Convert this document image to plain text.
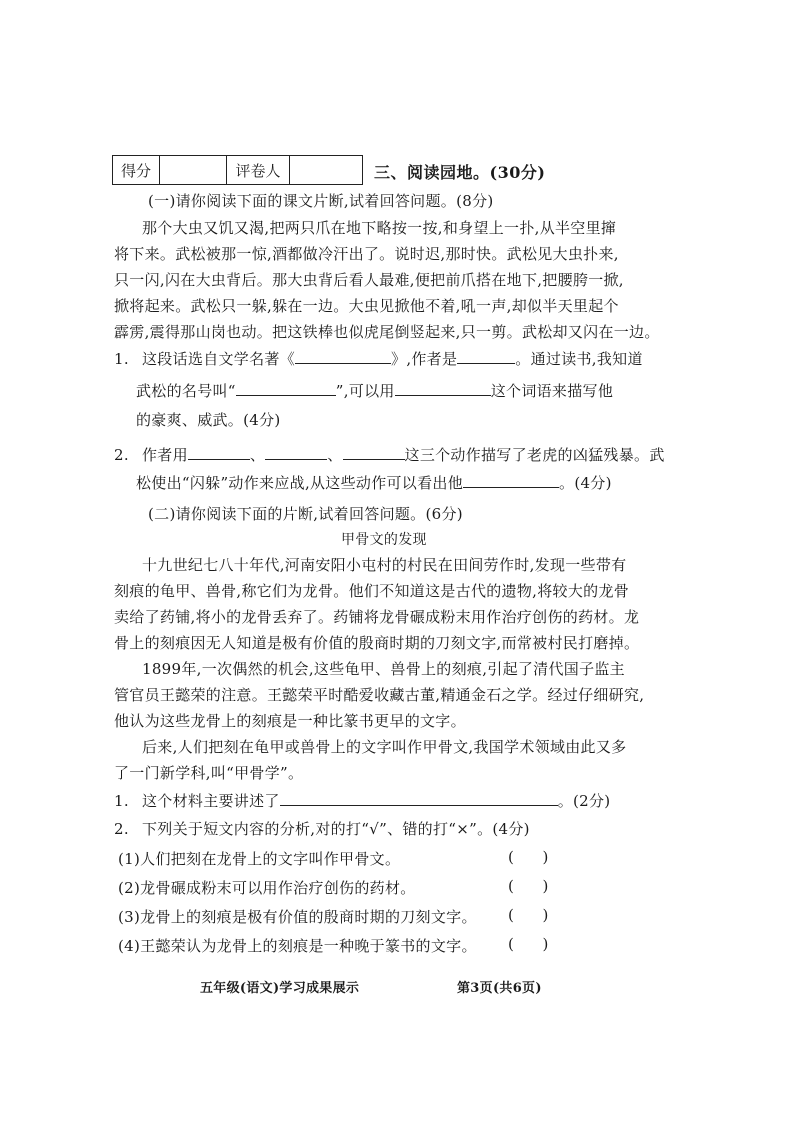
得分		评卷人		三、阅读园地。(30分)
(一)请你阅读下面的课文片断,试着回答问题。(8分)
那个大虫又饥又渴,把两只爪在地下略按一按,和身望上一扑,从半空里撺
将下来。武松被那一惊,酒都做冷汗出了。说时迟,那时快。武松见大虫扑来,
只一闪,闪在大虫背后。那大虫背后看人最难,便把前爪搭在地下,把腰胯一掀,
掀将起来。武松只一躲,躲在一边。大虫见掀他不着,吼一声,却似半天里起个
霹雳,震得那山岗也动。把这铁棒也似虎尾倒竖起来,只一剪。武松却又闪在一边。
1. 这段话选自文学名著《	》,作者是	。通过读书,我知道
武松的名号叫“	”,可以用	这个词语来描写他
的豪爽、威武。(4分)
2. 作者用	、	、	这三个动作描写了老虎的凶猛残暴。武
松使出“闪躲”动作来应战,从这些动作可以看出他	。(4分)
(二)请你阅读下面的片断,试着回答问题。(6分)
甲骨文的发现
十九世纪七八十年代,河南安阳小屯村的村民在田间劳作时,发现一些带有
刻痕的龟甲、兽骨,称它们为龙骨。他们不知道这是古代的遗物,将较大的龙骨
卖给了药铺,将小的龙骨丢弃了。药铺将龙骨碾成粉末用作治疗创伤的药材。龙
骨上的刻痕因无人知道是极有价值的殷商时期的刀刻文字,而常被村民打磨掉。
1899年,一次偶然的机会,这些龟甲、兽骨上的刻痕,引起了清代国子监主
管官员王懿荣的注意。王懿荣平时酷爱收藏古董,精通金石之学。经过仔细研究,
他认为这些龙骨上的刻痕是一种比篆书更早的文字。
后来,人们把刻在龟甲或兽骨上的文字叫作甲骨文,我国学术领域由此又多
了一门新学科,叫“甲骨学”。
1. 这个材料主要讲述了	。(2分)
2. 下列关于短文内容的分析,对的打“√”、错的打“×”。(4分)
(1)人们把刻在龙骨上的文字叫作甲骨文。	(      )
(2)龙骨碾成粉末可以用作治疗创伤的药材。	(      )
(3)龙骨上的刻痕是极有价值的殷商时期的刀刻文字。 (      )
(4)王懿荣认为龙骨上的刻痕是一种晚于篆书的文字。 (      )
五年级(语文)学习成果展示	第3页(共6页)
